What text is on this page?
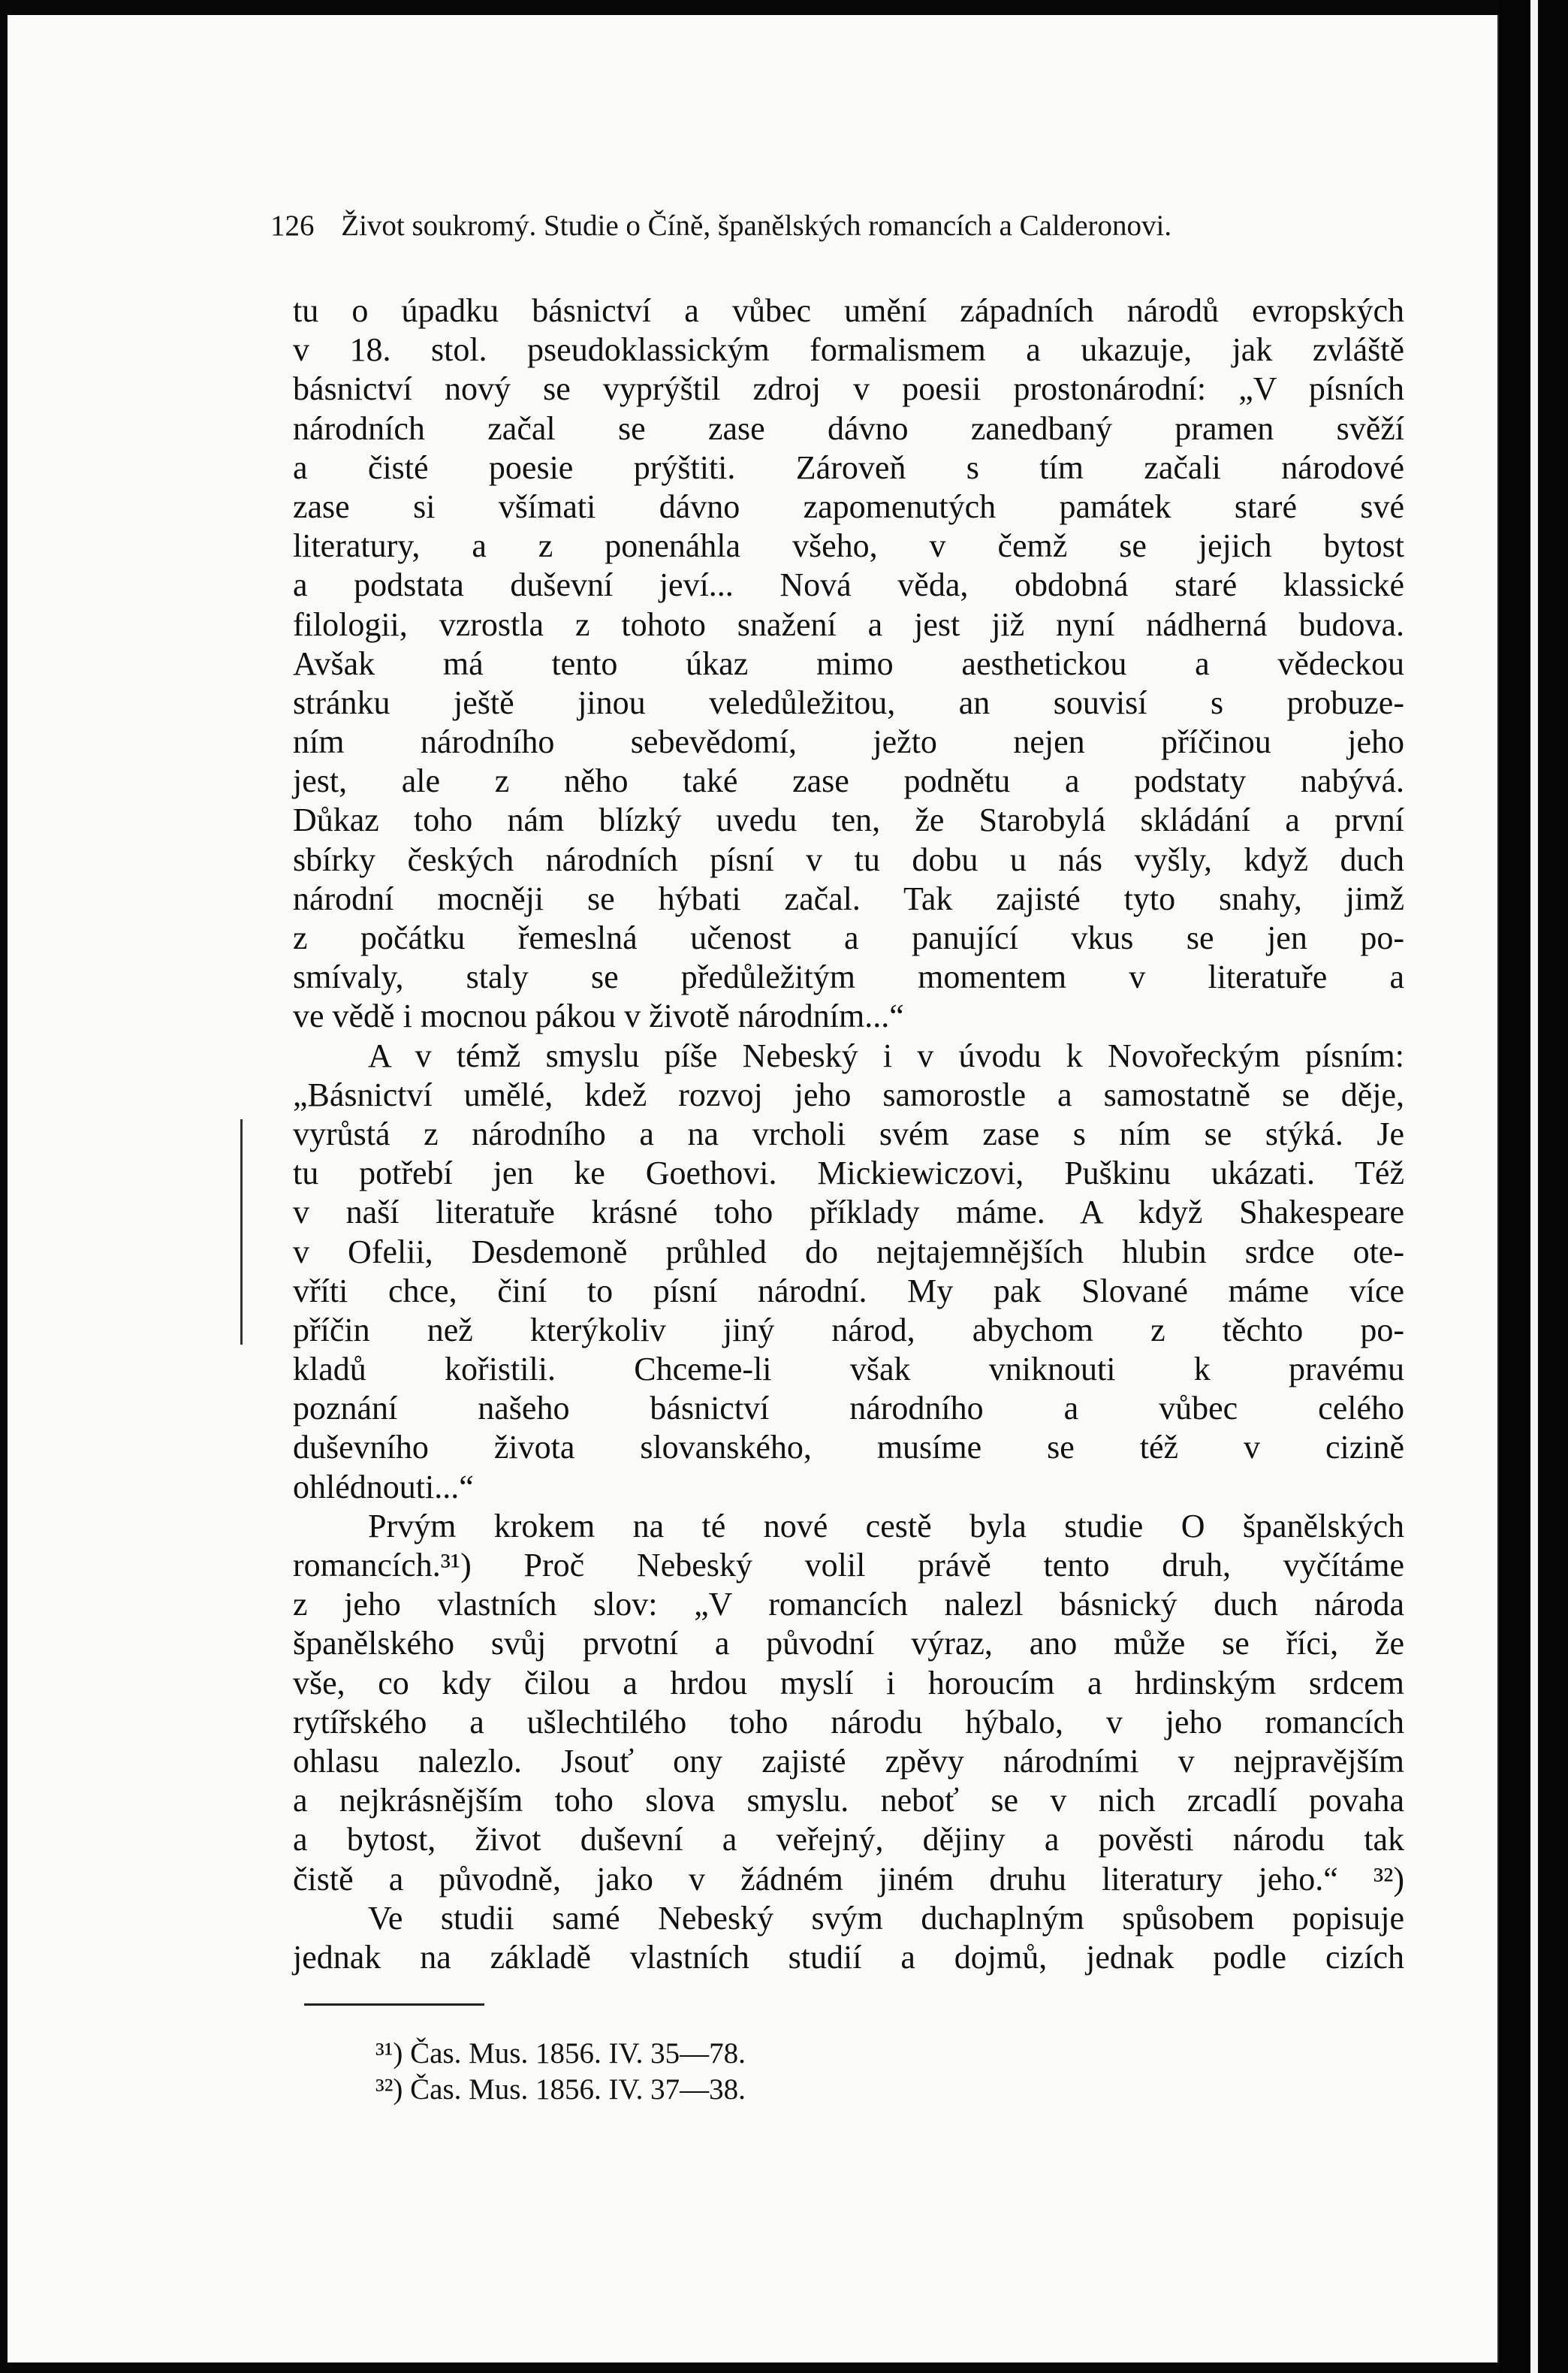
126 Život soukromý. Studie o Číně, španělských romancích a Calderonovi.
tu o úpadku básnictví a vůbec umění západních národů evropských
v 18. stol. pseudoklassickým formalismem a ukazuje, jak zvláště
básnictví nový se vyprýštil zdroj v poesii prostonárodní: „V písních
národních začal se zase dávno zanedbaný pramen svěží
a čisté poesie prýštiti. Zároveň s tím začali národové
zase si všímati dávno zapomenutých památek staré své
literatury, a z ponenáhla všeho, v čemž se jejich bytost
a podstata duševní jeví... Nová věda, obdobná staré klassické
filologii, vzrostla z tohoto snažení a jest již nyní nádherná budova.
Avšak má tento úkaz mimo aesthetickou a vědeckou
stránku ještě jinou veledůležitou, an souvisí s probuze-
ním národního sebevědomí, ježto nejen příčinou jeho
jest, ale z něho také zase podnětu a podstaty nabývá.
Důkaz toho nám blízký uvedu ten, že Starobylá skládání a první
sbírky českých národních písní v tu dobu u nás vyšly, když duch
národní mocněji se hýbati začal. Tak zajisté tyto snahy, jimž
z počátku řemeslná učenost a panující vkus se jen po-
smívaly, staly se předůležitým momentem v literatuře a
ve vědě i mocnou pákou v životě národním...“
A v témž smyslu píše Nebeský i v úvodu k Novořeckým písním:
„Básnictví umělé, kdež rozvoj jeho samorostle a samostatně se děje,
vyrůstá z národního a na vrcholi svém zase s ním se stýká. Je
tu potřebí jen ke Goethovi. Mickiewiczovi, Puškinu ukázati. Též
v naší literatuře krásné toho příklady máme. A když Shakespeare
v Ofelii, Desdemoně průhled do nejtajemnějších hlubin srdce ote-
vříti chce, činí to písní národní. My pak Slované máme více
příčin než kterýkoliv jiný národ, abychom z těchto po-
kladů kořistili. Chceme-li však vniknouti k pravému
poznání našeho básnictví národního a vůbec celého
duševního života slovanského, musíme se též v cizině
ohlédnouti...“
Prvým krokem na té nové cestě byla studie O španělských
romancích.³¹) Proč Nebeský volil právě tento druh, vyčítáme
z jeho vlastních slov: „V romancích nalezl básnický duch národa
španělského svůj prvotní a původní výraz, ano může se říci, že
vše, co kdy čilou a hrdou myslí i horoucím a hrdinským srdcem
rytířského a ušlechtilého toho národu hýbalo, v jeho romancích
ohlasu nalezlo. Jsouť ony zajisté zpěvy národními v nejpravějším
a nejkrásnějším toho slova smyslu. neboť se v nich zrcadlí povaha
a bytost, život duševní a veřejný, dějiny a pověsti národu tak
čistě a původně, jako v žádném jiném druhu literatury jeho.“ ³²)
Ve studii samé Nebeský svým duchaplným spůsobem popisuje
jednak na základě vlastních studií a dojmů, jednak podle cizích
³¹) Čas. Mus. 1856. IV. 35—78.
³²) Čas. Mus. 1856. IV. 37—38.
